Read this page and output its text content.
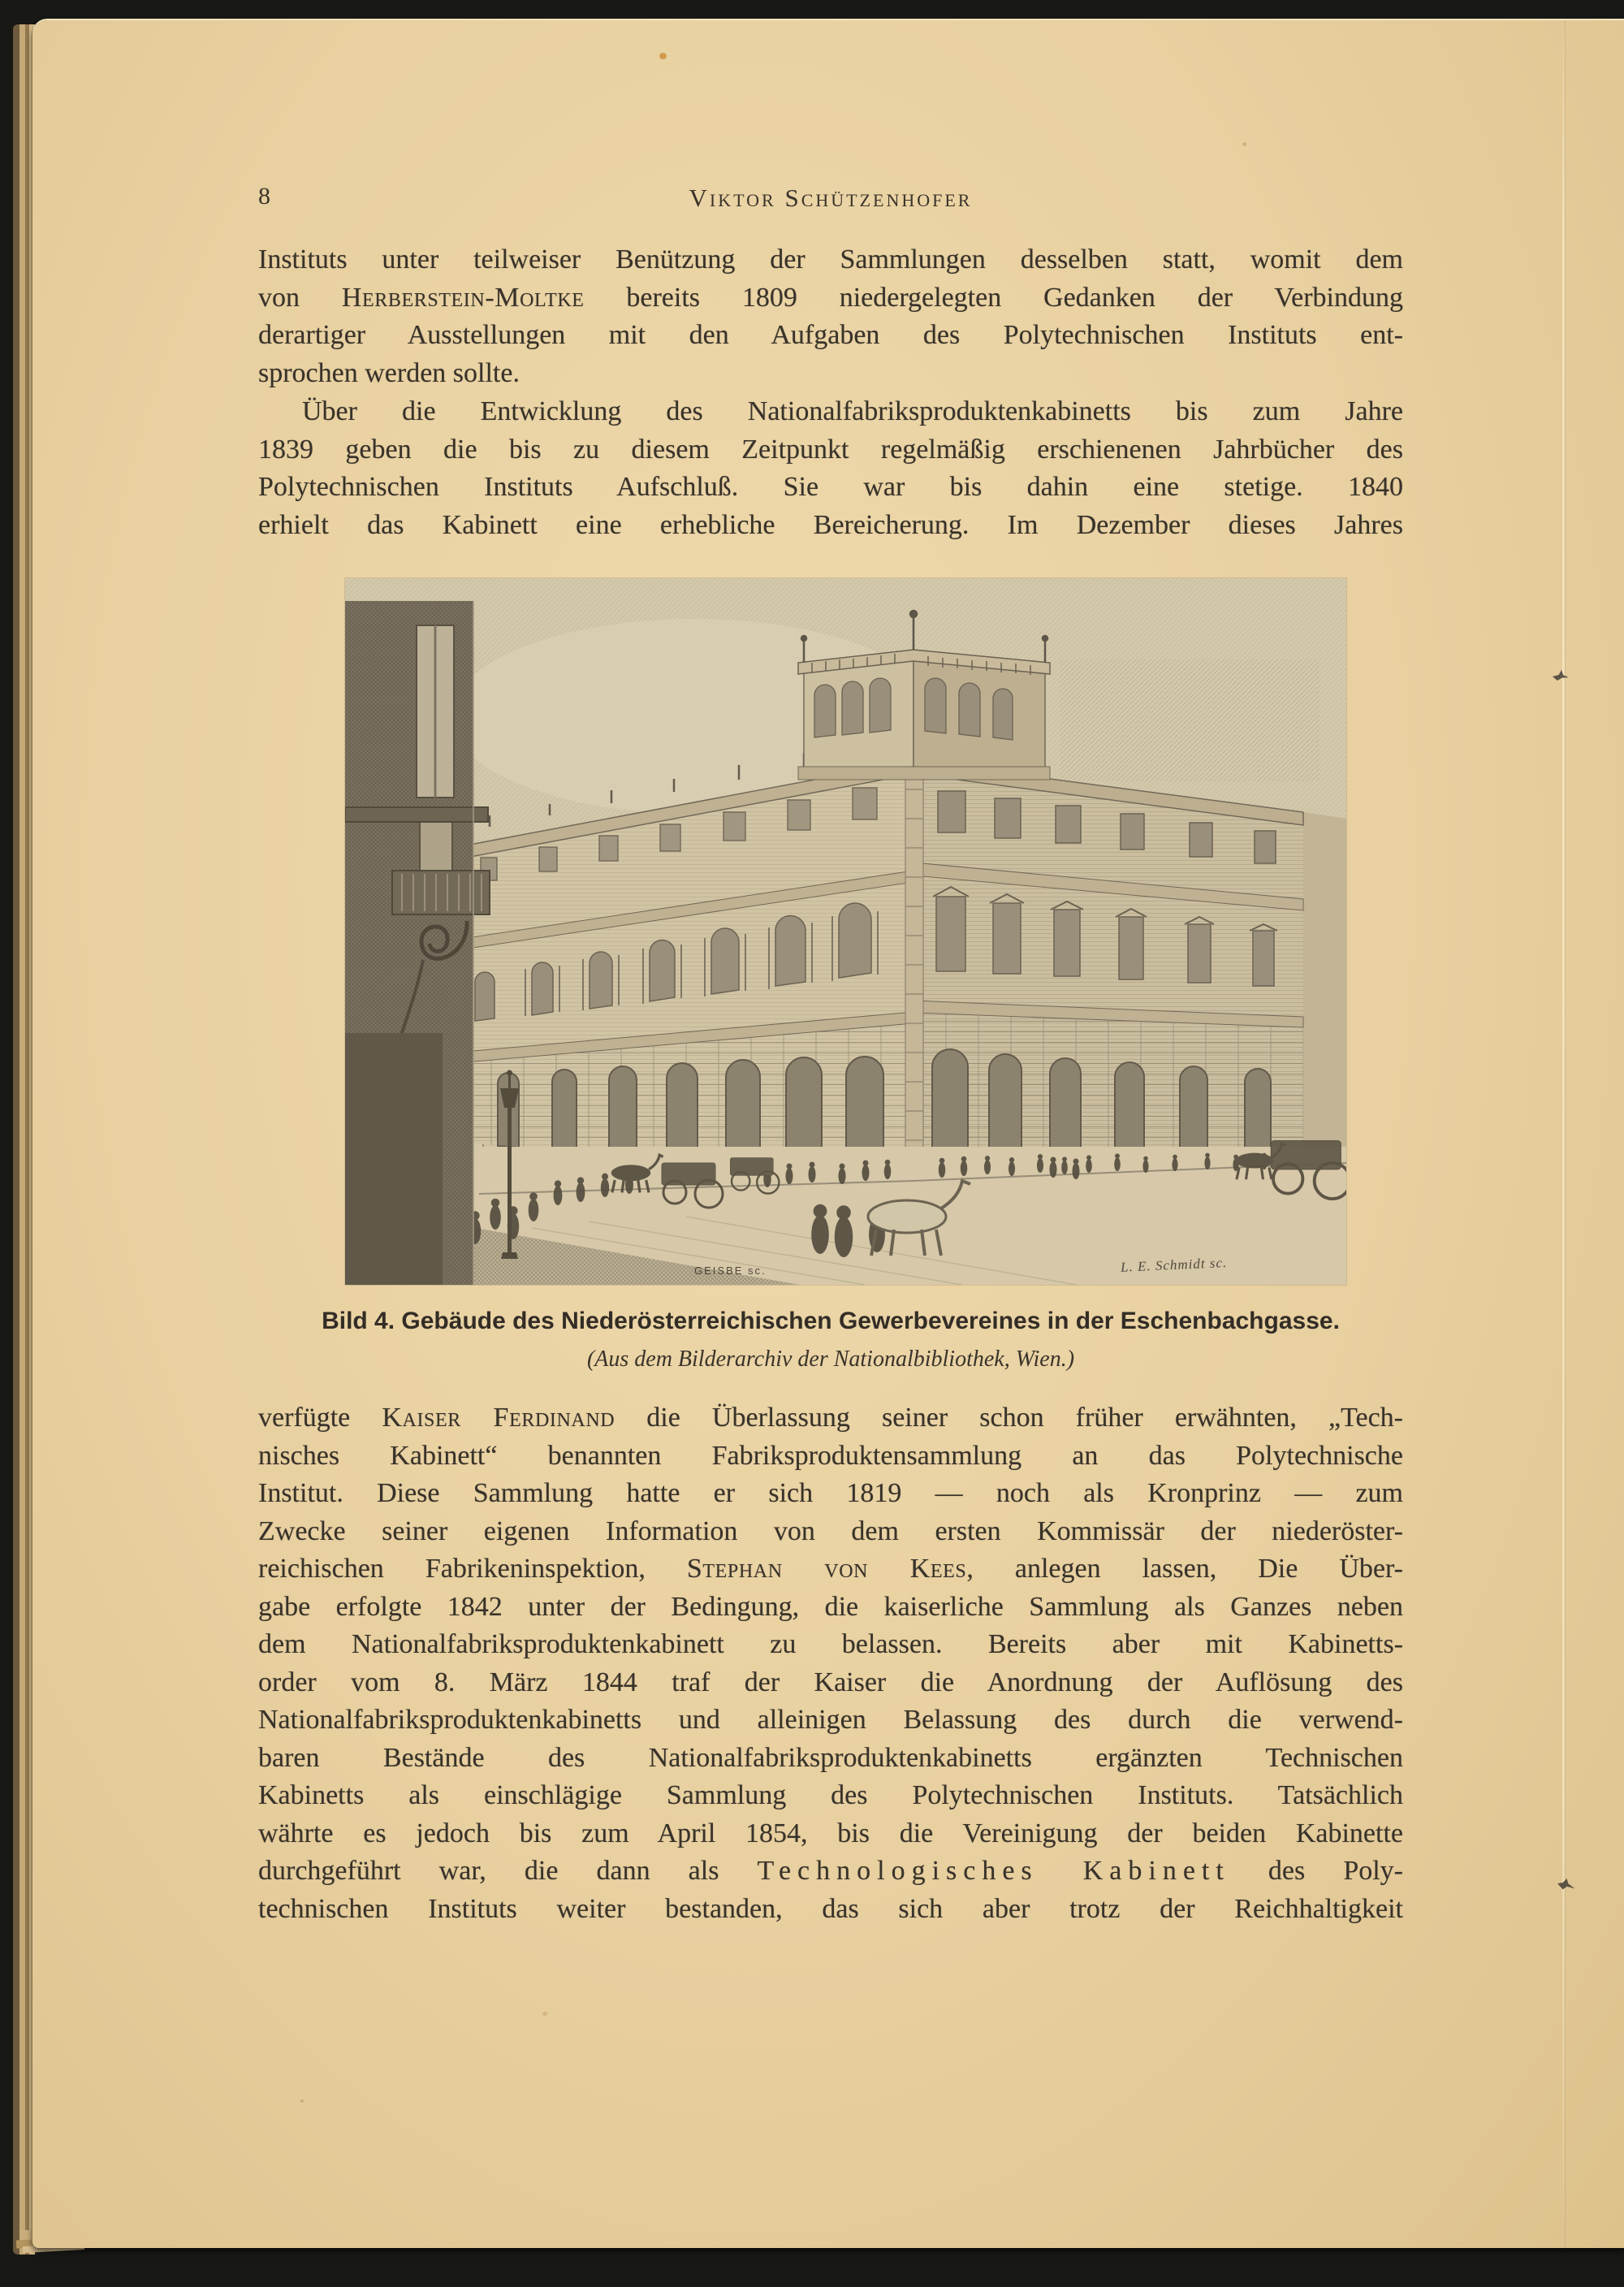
8	Viktor Schützenhofer
Instituts unter teilweiser Benützung der Sammlungen desselben statt, womit dem
von Herberstein-Moltke bereits 1809 niedergelegten Gedanken der Verbindung
derartiger Ausstellungen mit den Aufgaben des Polytechnischen Instituts ent-
sprochen werden sollte.
Über die Entwicklung des Nationalfabriksproduktenkabinetts bis zum Jahre
1839 geben die bis zu diesem Zeitpunkt regelmäßig erschienenen Jahrbücher des
Polytechnischen Instituts Aufschluß. Sie war bis dahin eine stetige. 1840
erhielt das Kabinett eine erhebliche Bereicherung. Im Dezember dieses Jahres
GEISBE sc.	L. E. Schmidt sc.
Bild 4. Gebäude des Niederösterreichischen Gewerbevereines in der Eschenbachgasse.
(Aus dem Bilderarchiv der Nationalbibliothek, Wien.)
verfügte Kaiser Ferdinand die Überlassung seiner schon früher erwähnten, „Tech-
nisches Kabinett“ benannten Fabriksproduktensammlung an das Polytechnische
Institut. Diese Sammlung hatte er sich 1819 — noch als Kronprinz — zum
Zwecke seiner eigenen Information von dem ersten Kommissär der niederöster-
reichischen Fabrikeninspektion, Stephan von Kees, anlegen lassen, Die Über-
gabe erfolgte 1842 unter der Bedingung, die kaiserliche Sammlung als Ganzes neben
dem Nationalfabriksproduktenkabinett zu belassen. Bereits aber mit Kabinetts-
order vom 8. März 1844 traf der Kaiser die Anordnung der Auflösung des
Nationalfabriksproduktenkabinetts und alleinigen Belassung des durch die verwend-
baren Bestände des Nationalfabriksproduktenkabinetts ergänzten Technischen
Kabinetts als einschlägige Sammlung des Polytechnischen Instituts. Tatsächlich
währte es jedoch bis zum April 1854, bis die Vereinigung der beiden Kabinette
durchgeführt war, die dann als Technologisches Kabinett des Poly-
technischen Instituts weiter bestanden, das sich aber trotz der Reichhaltigkeit
